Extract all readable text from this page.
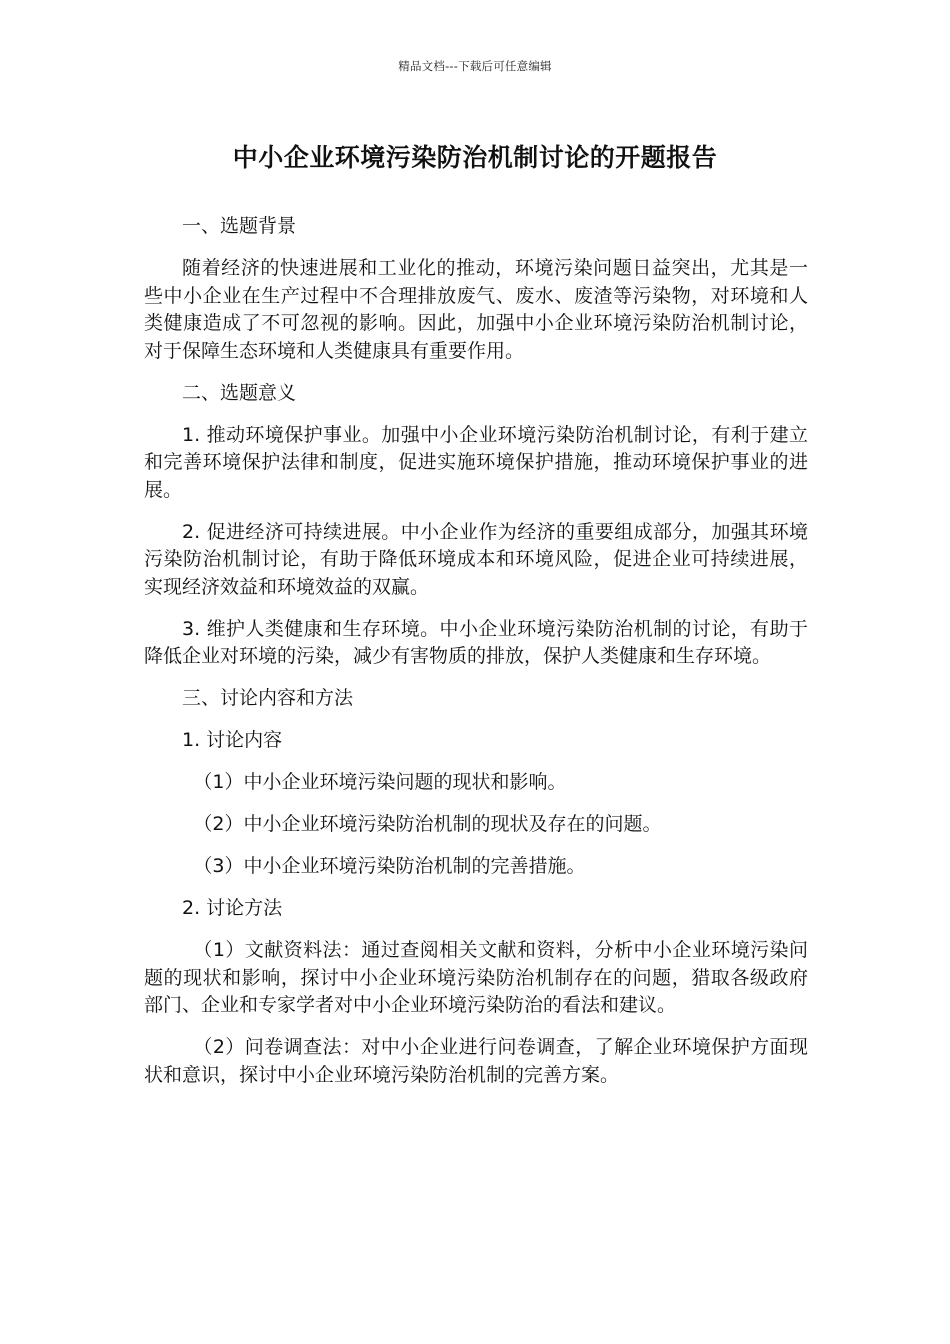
精品文档---下载后可任意编辑
中小企业环境污染防治机制讨论的开题报告

一、选题背景

随着经济的快速进展和工业化的推动，环境污染问题日益突出，尤其是一些中小企业在生产过程中不合理排放废气、废水、废渣等污染物，对环境和人类健康造成了不可忽视的影响。因此，加强中小企业环境污染防治机制讨论，对于保障生态环境和人类健康具有重要作用。

二、选题意义

1. 推动环境保护事业。加强中小企业环境污染防治机制讨论，有利于建立和完善环境保护法律和制度，促进实施环境保护措施，推动环境保护事业的进展。

2. 促进经济可持续进展。中小企业作为经济的重要组成部分，加强其环境污染防治机制讨论，有助于降低环境成本和环境风险，促进企业可持续进展，实现经济效益和环境效益的双赢。

3. 维护人类健康和生存环境。中小企业环境污染防治机制的讨论，有助于降低企业对环境的污染，减少有害物质的排放，保护人类健康和生存环境。

三、讨论内容和方法

1. 讨论内容

（1）中小企业环境污染问题的现状和影响。

（2）中小企业环境污染防治机制的现状及存在的问题。

（3）中小企业环境污染防治机制的完善措施。

2. 讨论方法

（1）文献资料法：通过查阅相关文献和资料，分析中小企业环境污染问题的现状和影响，探讨中小企业环境污染防治机制存在的问题，猎取各级政府部门、企业和专家学者对中小企业环境污染防治的看法和建议。

（2）问卷调查法：对中小企业进行问卷调查，了解企业环境保护方面现状和意识，探讨中小企业环境污染防治机制的完善方案。
